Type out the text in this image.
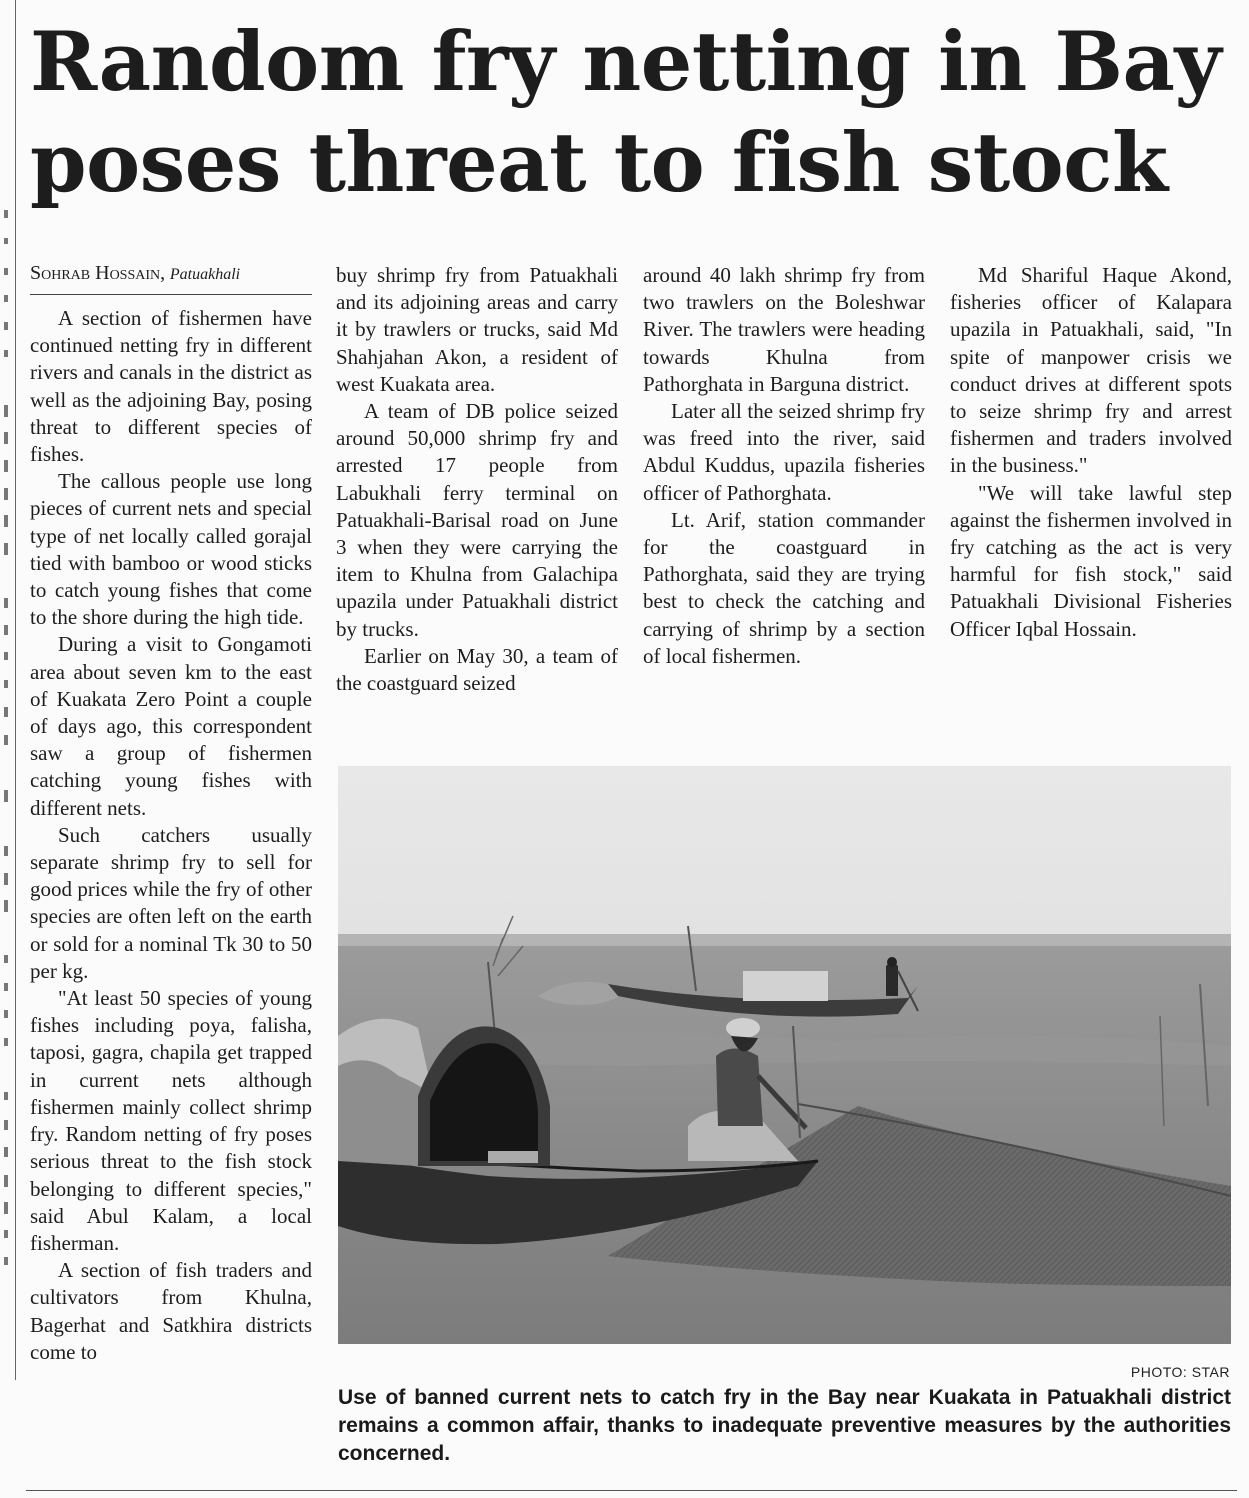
Random fry netting in Bay poses threat to fish stock
Sohrab Hossain, Patuakhali

A section of fishermen have continued netting fry in different rivers and canals in the district as well as the adjoining Bay, posing threat to different species of fishes.

The callous people use long pieces of current nets and special type of net locally called gorajal tied with bamboo or wood sticks to catch young fishes that come to the shore during the high tide.

During a visit to Gongamoti area about seven km to the east of Kuakata Zero Point a couple of days ago, this correspondent saw a group of fishermen catching young fishes with different nets.

Such catchers usually separate shrimp fry to sell for good prices while the fry of other species are often left on the earth or sold for a nominal Tk 30 to 50 per kg.

"At least 50 species of young fishes including poya, falisha, taposi, gagra, chapila get trapped in current nets although fishermen mainly collect shrimp fry. Random netting of fry poses serious threat to the fish stock belonging to different species," said Abul Kalam, a local fisherman.

A section of fish traders and cultivators from Khulna, Bagerhat and Satkhira districts come to

buy shrimp fry from Patuakhali and its adjoining areas and carry it by trawlers or trucks, said Md Shahjahan Akon, a resident of west Kuakata area.

A team of DB police seized around 50,000 shrimp fry and arrested 17 people from Labukhali ferry terminal on Patuakhali-Barisal road on June 3 when they were carrying the item to Khulna from Galachipa upazila under Patuakhali district by trucks.

Earlier on May 30, a team of the coastguard seized

around 40 lakh shrimp fry from two trawlers on the Boleshwar River. The trawlers were heading towards Khulna from Pathorghata in Barguna district.

Later all the seized shrimp fry was freed into the river, said Abdul Kuddus, upazila fisheries officer of Pathorghata.

Lt. Arif, station commander for the coastguard in Pathorghata, said they are trying best to check the catching and carrying of shrimp by a section of local fishermen.

Md Shariful Haque Akond, fisheries officer of Kalapara upazila in Patuakhali, said, "In spite of manpower crisis we conduct drives at different spots to seize shrimp fry and arrest fishermen and traders involved in the business."

"We will take lawful step against the fishermen involved in fry catching as the act is very harmful for fish stock," said Patuakhali Divisional Fisheries Officer Iqbal Hossain.

PHOTO: STAR

Use of banned current nets to catch fry in the Bay near Kuakata in Patuakhali district remains a common affair, thanks to inadequate preventive measures by the authorities concerned.
